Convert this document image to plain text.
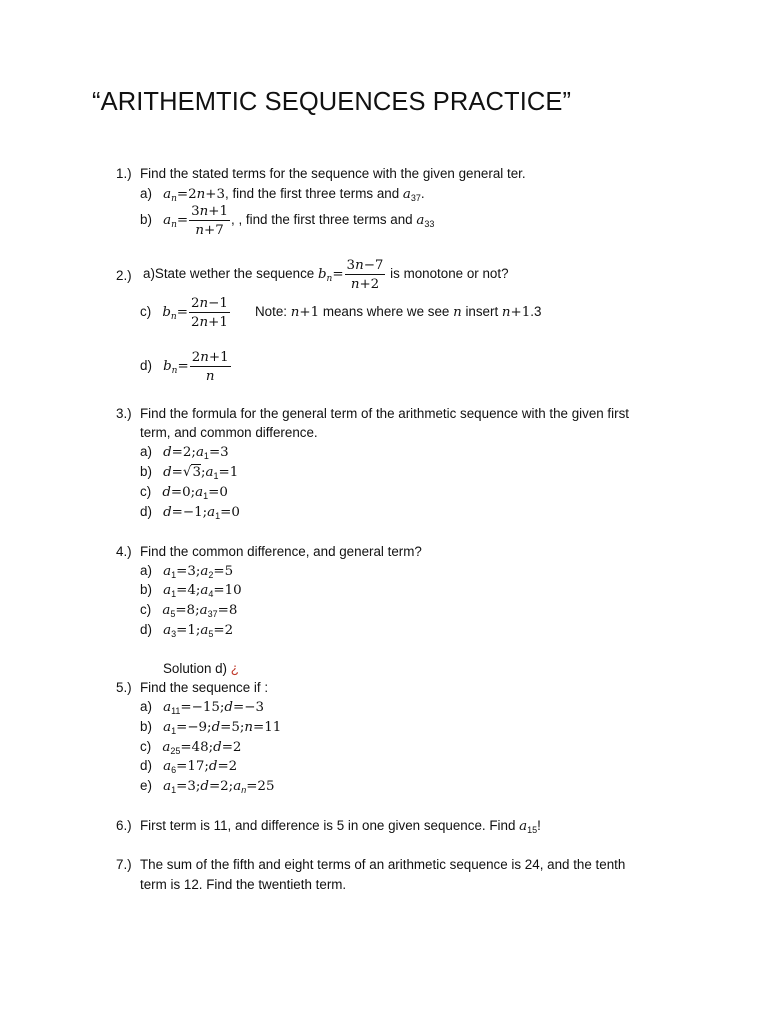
“ARITHEMTIC SEQUENCES PRACTICE”
1.) Find the stated terms for the sequence with the given general ter.
a) $a_n=2n+3$, find the first three terms and $a_{37}$.
b) $a_n= \frac{3n+1}{n+7}$ , , find the first three terms and $a_{33}$
2.) a)State wether the sequence $b_n= \frac{3n-7}{n+2}$ is monotone or not?
c) $b_n= \frac{2n-1}{2n+1}$ Note: n+1 means where we see n insert n+1.3
d) $b_n= \frac{2n+1}{n}$
3.) Find the formula for the general term of the arithmetic sequence with the given first
term, and common difference.
a) $d=2;a_1=3$
b) $d=√3;a_1=1$
c) $d=0;a_1=0$
d) $d=-1;a_1=0$
4.) Find the common difference, and general term?
a) $a_1=3;a_2=5$
b) $a_1=4;a_4=10$
c) $a_5=8;a_{37}=8$
d) $a_3=1;a_5=2$
Solution d) ¿
5.) Find the sequence if :
a) $a_{11}=-15;d=-3$
b) $a_1=-9;d=5;n=11$
c) $a_{25}=48;d=2$
d) $a_6=17;d=2$
e) $a_1=3;d=2;a_n=25$
6.) First term is 11, and difference is 5 in one given sequence. Find $a_{15}$!
7.) The sum of the fifth and eight terms of an arithmetic sequence is 24, and the tenth
term is 12. Find the twentieth term.
